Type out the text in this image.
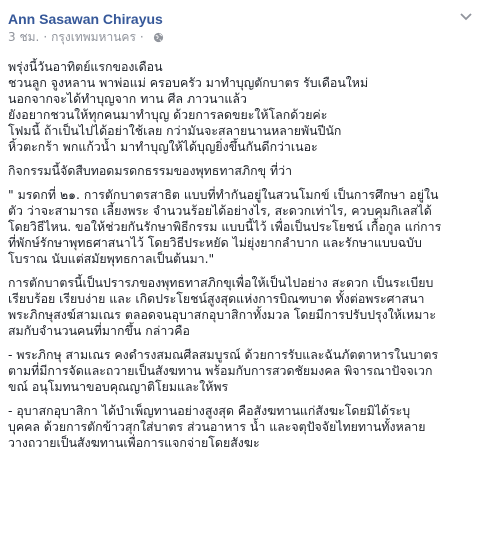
Ann Sasawan Chirayus
3 ชม. · กรุงเทพมหานคร ·

พรุ่งนี้วันอาทิตย์แรกของเดือน
ชวนลูก จูงหลาน พาพ่อแม่ ครอบครัว มาทำบุญตักบาตร รับเดือนใหม่
นอกจากจะได้ทำบุญจาก ทาน ศีล ภาวนาแล้ว
ยังอยากชวนให้ทุกคนมาทำบุญ ด้วยการลดขยะให้โลกด้วยค่ะ
โฟมนี้ ถ้าเป็นไปได้อย่าใช้เลย กว่ามันจะสลายนานหลายพันปีนัก
หิ้วตะกร้า พกแก้วน้ำ มาทำบุญให้ได้บุญยิ่งขึ้นกันดีกว่าเนอะ

กิจกรรมนี้จัดสืบทอดมรดกธรรมของพุทธทาสภิกขุ ที่ว่า

" มรดกที่ ๒๑. การตักบาตรสาธิต แบบที่ทำกันอยู่ในสวนโมกข์ เป็นการศึกษา อยู่ใน
ตัว ว่าจะสามารถ เลี้ยงพระ จำนวนร้อยได้อย่างไร, สะดวกเท่าไร, ควบคุมกิเลสได้
โดยวิธีไหน. ขอให้ช่วยกันรักษาพิธีกรรม แบบนี้ไว้ เพื่อเป็นประโยชน์ เกื้อกูล แก่การ
ที่พักษ์รักษาพุทธศาสนาไว้ โดยวิธีประหยัด ไม่ยุ่งยากลำบาก และรักษาแบบฉบับ
โบราณ นับแต่สมัยพุทธกาลเป็นต้นมา."

การตักบาตรนี้เป็นปรารภของพุทธทาสภิกขุเพื่อให้เป็นไปอย่าง สะดวก เป็นระเบียบ
เรียบร้อย เรียบง่าย และ เกิดประโยชน์สูงสุดแห่งการบิณฑบาต ทั้งต่อพระศาสนา
พระภิกษุสงฆ์สามเณร ตลอดจนอุบาสกอุบาสิกาทั้งมวล โดยมีการปรับปรุงให้เหมาะ
สมกับจำนวนคนที่มากขึ้น กล่าวคือ

- พระภิกษุ สามเณร คงดำรงสมณศีลสมบูรณ์ ด้วยการรับและฉันภัตตาหารในบาตร
ตามที่มีการจัดและถวายเป็นสังฆทาน พร้อมกับการสวดชัยมงคล พิจารณาปัจจเวก
ขณ์ อนุโมทนาขอบคุณญาติโยมและให้พร

- อุบาสกอุบาสิกา ได้บำเพ็ญทานอย่างสูงสุด คือสังฆทานแก่สังฆะโดยมิได้ระบุ
บุคคล ด้วยการตักข้าวสุกใส่บาตร ส่วนอาหาร น้ำ และจตุปัจจัยไทยทานทั้งหลาย
วางถวายเป็นสังฆทานเพื่อการแจกจ่ายโดยสังฆะ
